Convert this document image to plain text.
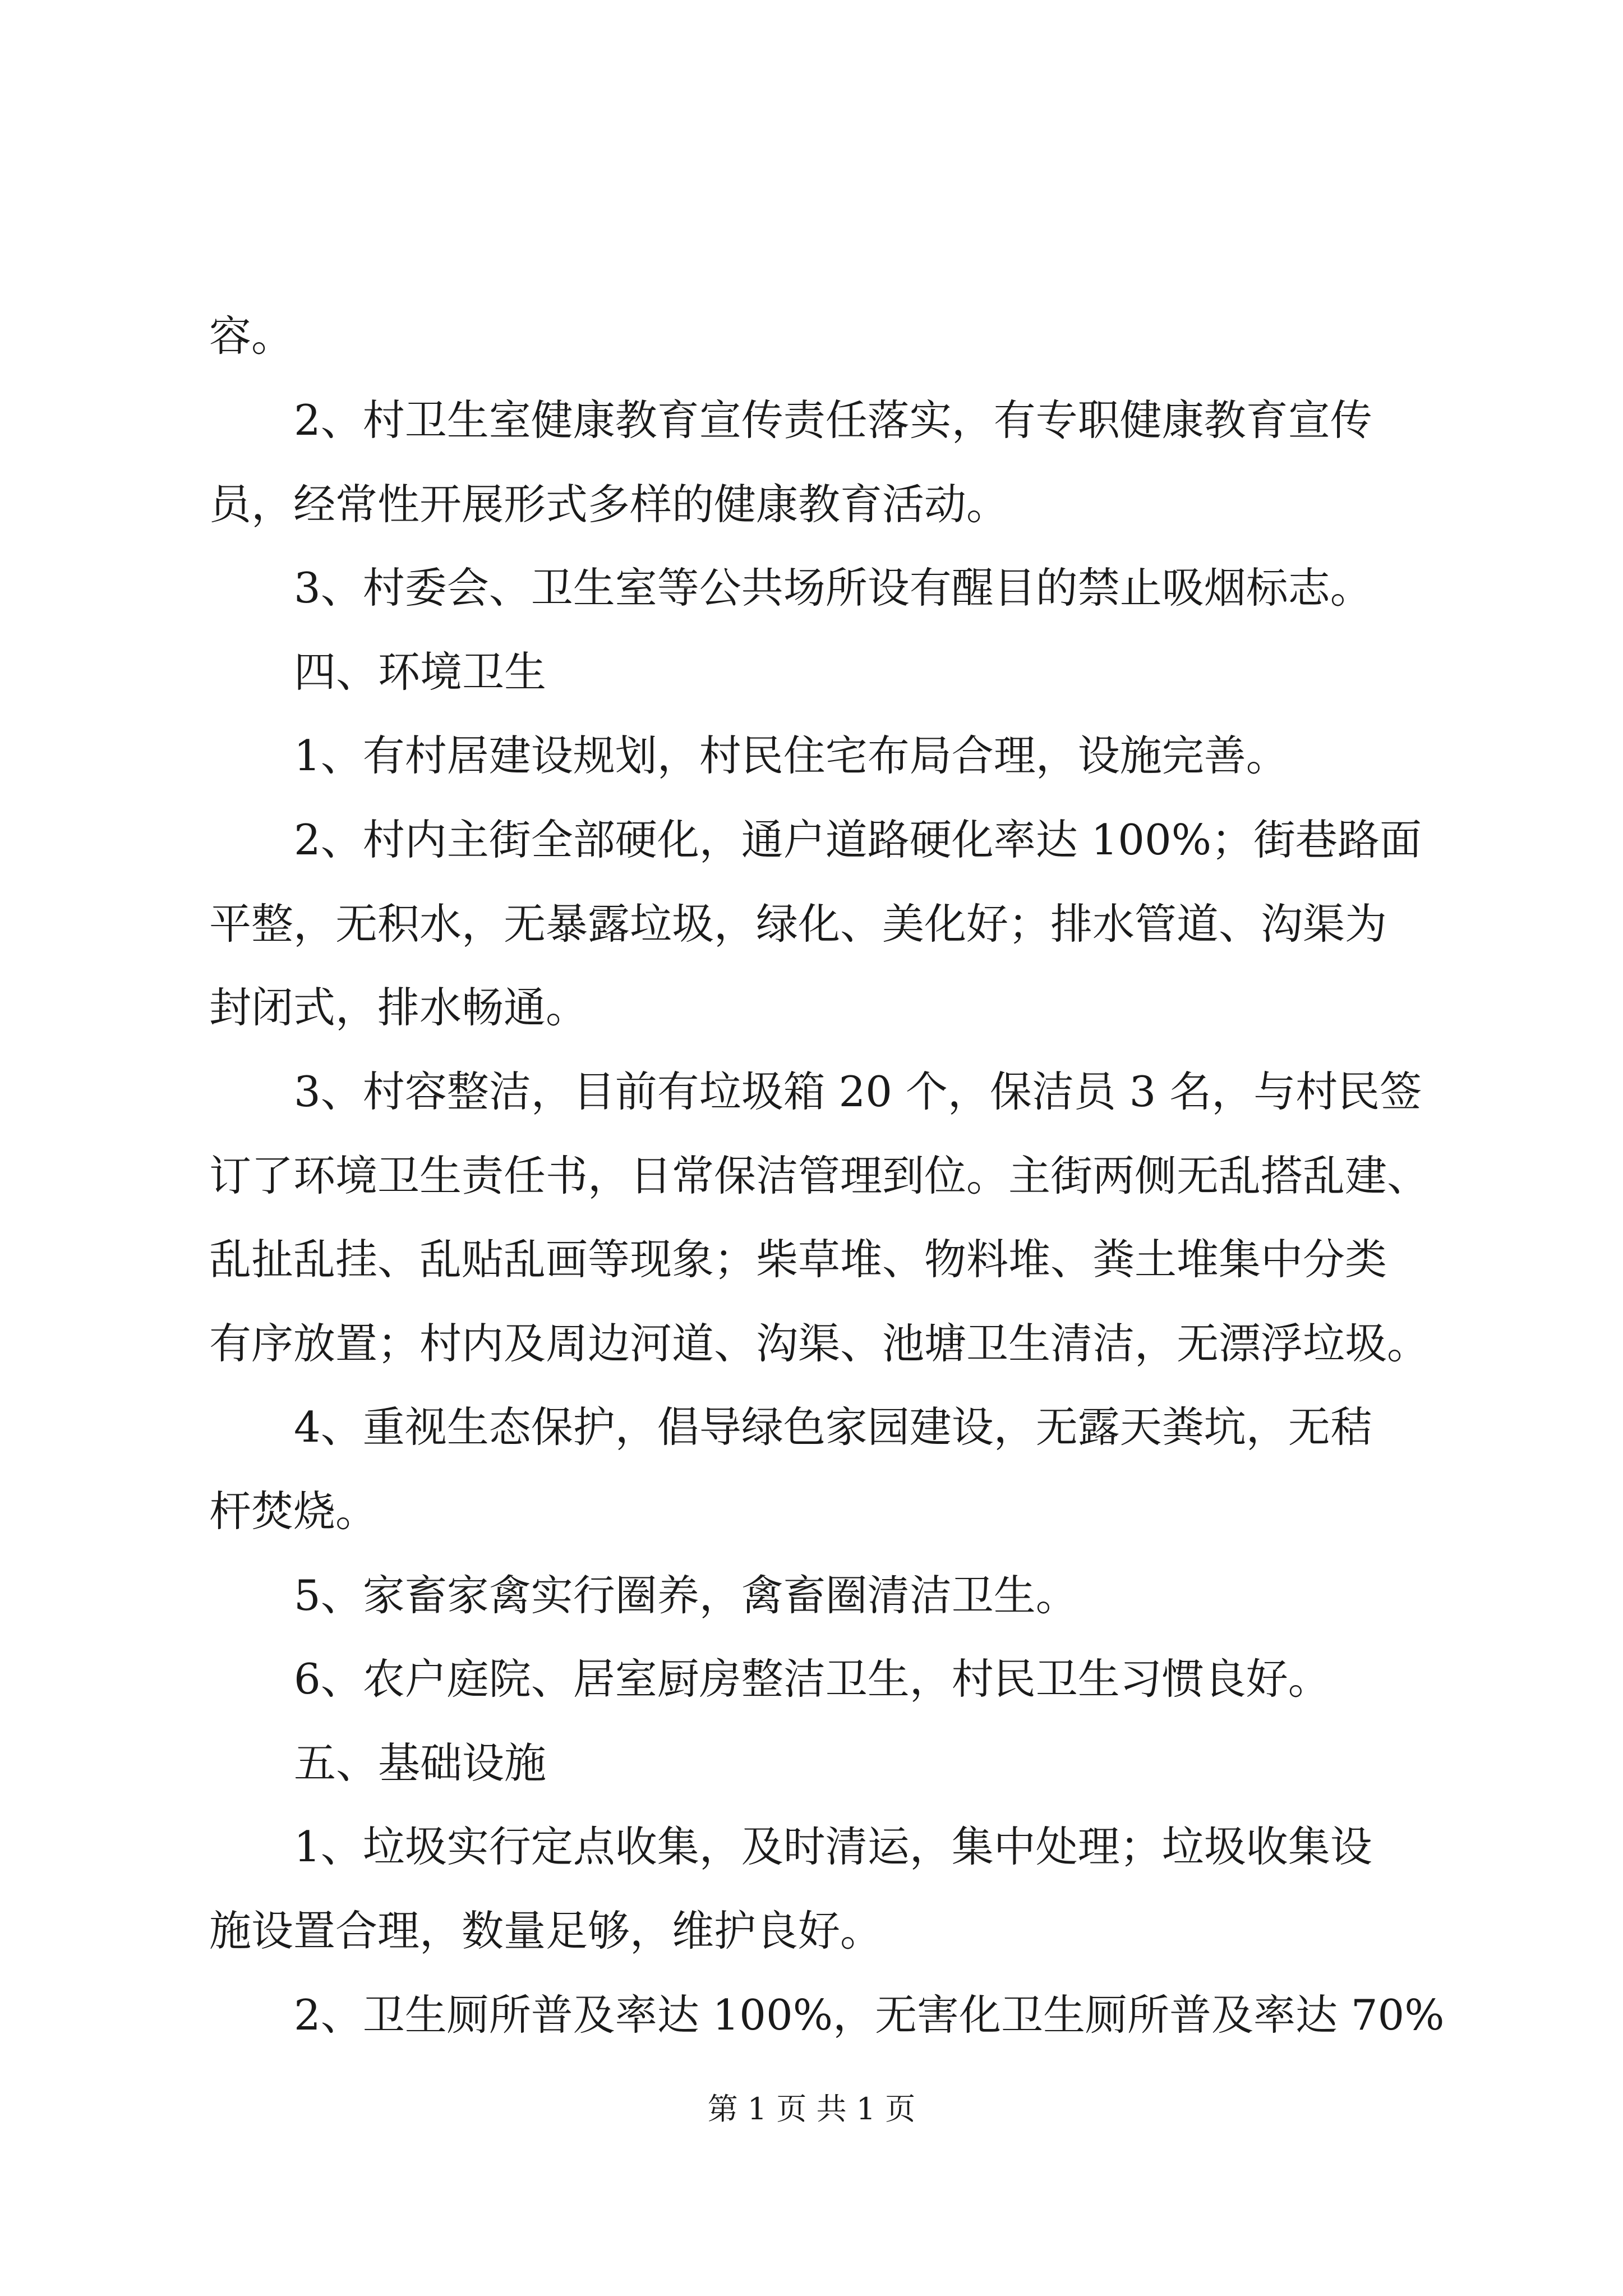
容。
2、村卫生室健康教育宣传责任落实，有专职健康教育宣传
员，经常性开展形式多样的健康教育活动。
3、村委会、卫生室等公共场所设有醒目的禁止吸烟标志。
四、环境卫生
1、有村居建设规划，村民住宅布局合理，设施完善。
2、村内主街全部硬化，通户道路硬化率达 100%；街巷路面
平整，无积水，无暴露垃圾，绿化、美化好；排水管道、沟渠为
封闭式，排水畅通。
3、村容整洁，目前有垃圾箱 20 个，保洁员 3 名，与村民签
订了环境卫生责任书，日常保洁管理到位。主街两侧无乱搭乱建、
乱扯乱挂、乱贴乱画等现象；柴草堆、物料堆、粪土堆集中分类
有序放置；村内及周边河道、沟渠、池塘卫生清洁，无漂浮垃圾。
4、重视生态保护，倡导绿色家园建设，无露天粪坑，无秸
杆焚烧。
5、家畜家禽实行圈养，禽畜圈清洁卫生。
6、农户庭院、居室厨房整洁卫生，村民卫生习惯良好。
五、基础设施
1、垃圾实行定点收集，及时清运，集中处理；垃圾收集设
施设置合理，数量足够，维护良好。
2、卫生厕所普及率达 100%，无害化卫生厕所普及率达 70%
第 1 页 共 1 页
